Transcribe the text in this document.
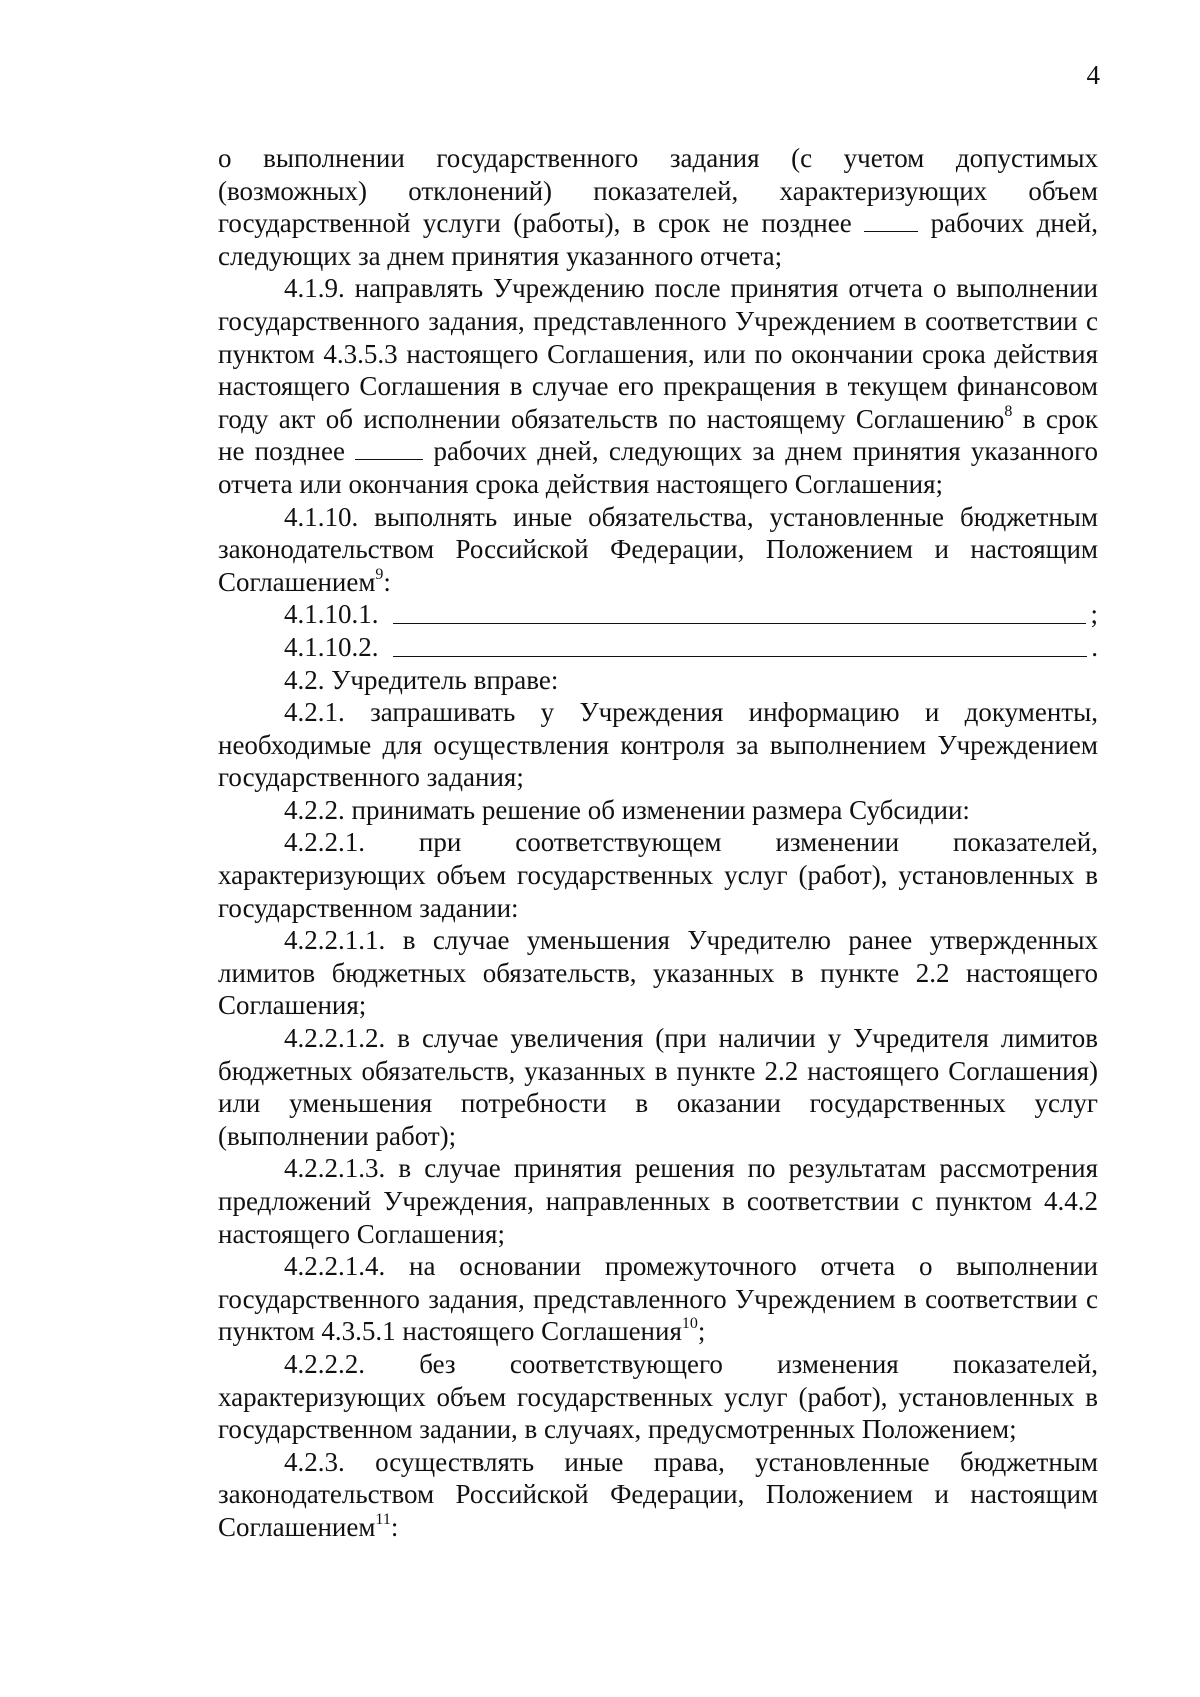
4

о выполнении государственного задания (с учетом допустимых (возможных) отклонений) показателей, характеризующих объем государственной услуги (работы), в срок не позднее  рабочих дней, следующих за днем принятия указанного отчета;

4.1.9. направлять Учреждению после принятия отчета о выполнении государственного задания, представленного Учреждением в соответствии с пунктом 4.3.5.3 настоящего Соглашения, или по окончании срока действия настоящего Соглашения в случае его прекращения в текущем финансовом году акт об исполнении обязательств по настоящему Соглашению$^8$ в срок не позднее	рабочих дней, следующих за днем принятия указанного отчета или окончания срока действия настоящего Соглашения;

4.1.10. выполнять иные обязательства, установленные бюджетным законодательством Российской Федерации, Положением и настоящим Соглашением$^9$:

4.1.10.1.	;
4.1.10.2.	.

4.2. Учредитель вправе:

4.2.1. запрашивать у Учреждения информацию и документы, необходимые для осуществления контроля за выполнением Учреждением государственного задания;

4.2.2. принимать решение об изменении размера Субсидии:

4.2.2.1. при соответствующем изменении показателей, характеризующих объем государственных услуг (работ), установленных в государственном задании:

4.2.2.1.1. в случае уменьшения Учредителю ранее утвержденных лимитов бюджетных обязательств, указанных в пункте 2.2 настоящего Соглашения;

4.2.2.1.2. в случае увеличения (при наличии у Учредителя лимитов бюджетных обязательств, указанных в пункте 2.2 настоящего Соглашения) или уменьшения потребности в оказании государственных услуг (выполнении работ);

4.2.2.1.3. в случае принятия решения по результатам рассмотрения предложений Учреждения, направленных в соответствии с пунктом 4.4.2 настоящего Соглашения;

4.2.2.1.4. на основании промежуточного отчета о выполнении государственного задания, представленного Учреждением в соответствии с пунктом 4.3.5.1 настоящего Соглашения$^{10}$;

4.2.2.2. без соответствующего изменения показателей, характеризующих объем государственных услуг (работ), установленных в государственном задании, в случаях, предусмотренных Положением;

4.2.3. осуществлять иные права, установленные бюджетным законодательством Российской Федерации, Положением и настоящим Соглашением$^{11}$:
